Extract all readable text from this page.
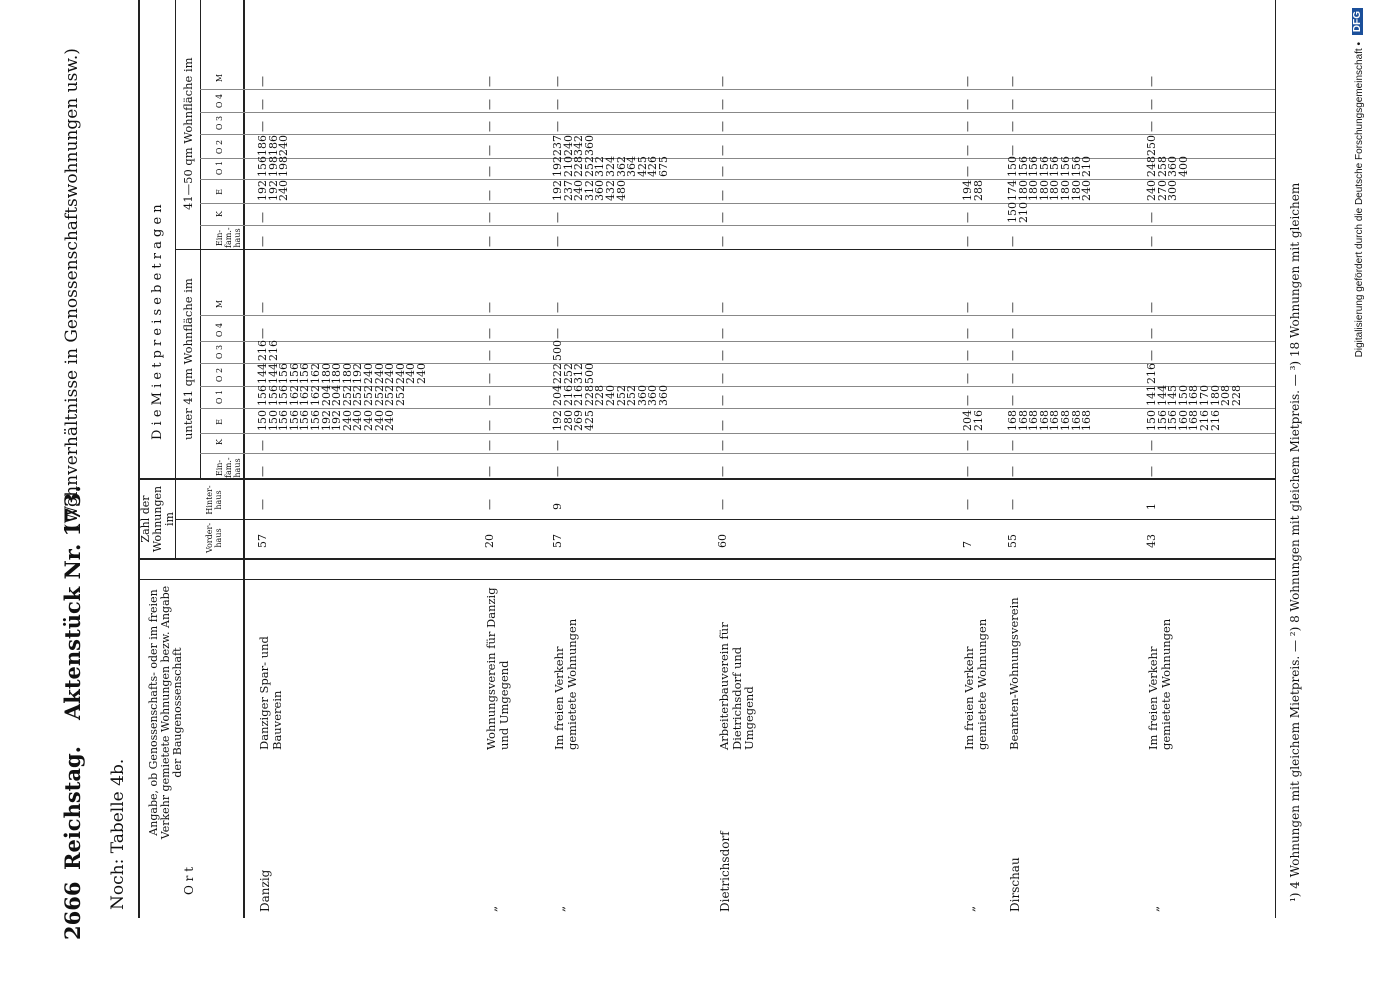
2666
Reichstag.
Aktenstück Nr. 173.
(Wohnverhältnisse in Genossenschaftswohnungen usw.)
Noch: Tabelle 4b.	O r t
Angabe, ob Genossenschafts- oder im freien Verkehr gemietete Wohnungen bezw. Angabe der Baugenossenschaft
Zahl der Wohnungen im
Vorder-haus
Hinter-haus
D i e M i e t p r e i s e b e t r a g e n unter 41 qm Wohnfläche im
41—50 qm Wohnfläche im
Ein-fam.-haus
K
E
O 1
O 2
O 3
O 4
M
Ein-fam.-haus
K
E
O 1
O 2
O 3
O 4
M
Danzig
Danziger Spar- und Bauverein
57
—
—
—
150
150
156
156
156
156
192
192
240
240
240
240
240
156
156
156
162
162
162
204
204
252
252
252
252
252
252
144
144
156
156
156
162
180
180
180
192
240
240
240
240
240
240
216
216
—
—
—
—
192
192
240
156
198
198
186
186
240
—
—
—
„
Wohnungsverein für Danzig und Umgegend
20
—
—
—
—
—
—
—
—
—
—
—
—
—
—
—
—
—
„
Im freien Verkehr gemietete Wohnungen
57
9
—
—
192
280
269
425
204
216
216
228
228
240
252
252
360
360
360
222
252
312
500
500
—
—
—
—
192
237
240
312
360
432
480
192
210
228
252
312
324
362
364
425
426
675
237
240
342
360
—
—
—
Dietrichsdorf
Arbeiterbauverein für Dietrichsdorf und Umgegend
60
—
—
—
—
—
—
—
—
—
—
—
—
—
—
—
—
—
„
Im freien Verkehr gemietete Wohnungen
7
—
—
—
204
216
—
—
—
—
—
—
—
194
288
—
—
—
—
—
Dirschau
Beamten-Wohnungsverein
55
—
—
—
168
168
168
168
168
168
168
168
—
—
—
—
—
—
150
210
174
180
180
180
180
180
180
240
150
156
156
156
156
156
156
210
—
—
—
—
„
Im freien Verkehr gemietete Wohnungen
43
1
—
—
150
156
156
160
168
216
216
141
144
145
150
168
170
180
208
228
216
—
—
—
—
—
240
270
300
248
258
360
400
250
—
—
—
¹) 4 Wohnungen mit gleichem Mietpreis. — ²) 8 Wohnungen mit gleichem Mietpreis. — ³) 18 Wohnungen mit gleichem	Digitalisierung gefördert durch die Deutsche Forschungsgemeinschaft •
DFG
